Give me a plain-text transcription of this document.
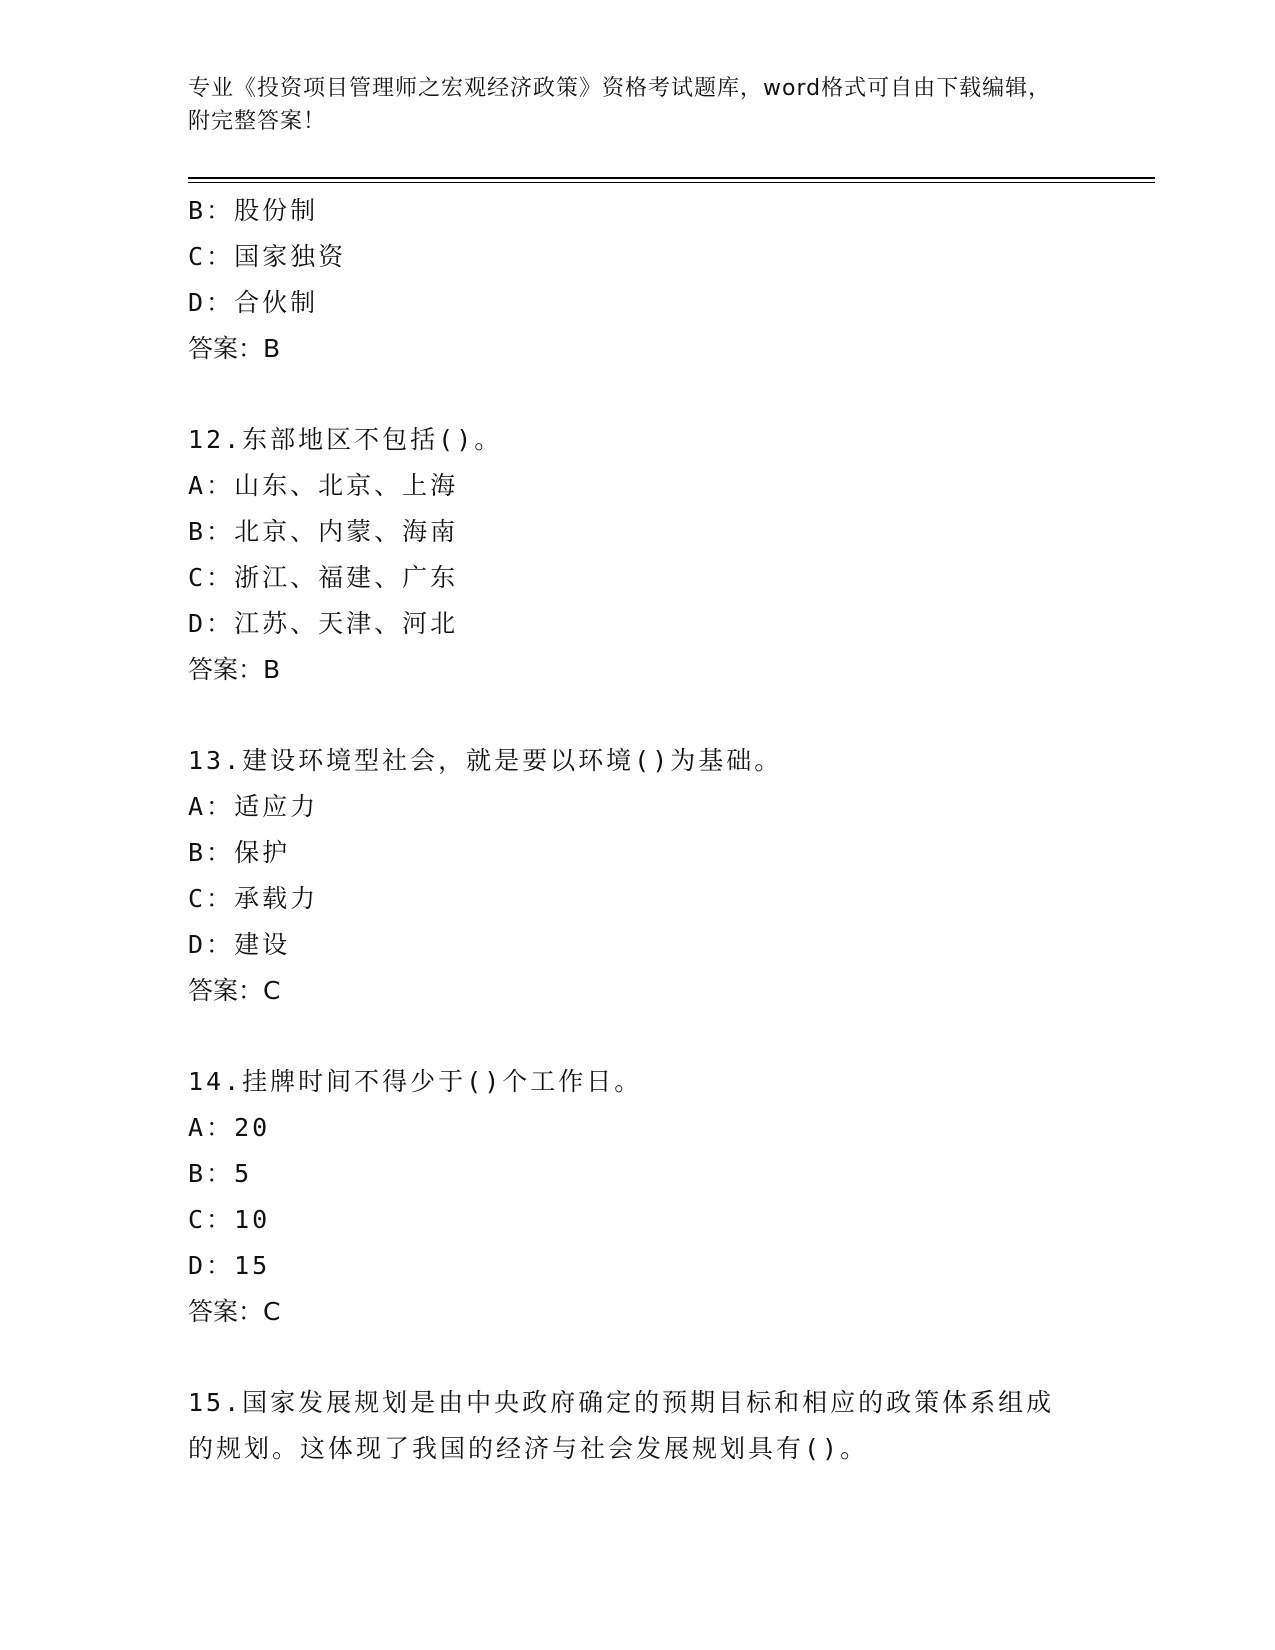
专业《投资项目管理师之宏观经济政策》资格考试题库，word格式可自由下载编辑，附完整答案！
B：股份制
C：国家独资
D：合伙制
答案：B
12.东部地区不包括()。
A：山东、北京、上海
B：北京、内蒙、海南
C：浙江、福建、广东
D：江苏、天津、河北
答案：B
13.建设环境型社会，就是要以环境()为基础。
A：适应力
B：保护
C：承载力
D：建设
答案：C
14.挂牌时间不得少于()个工作日。
A：20
B：5
C：10
D：15
答案：C
15.国家发展规划是由中央政府确定的预期目标和相应的政策体系组成的规划。这体现了我国的经济与社会发展规划具有()。
